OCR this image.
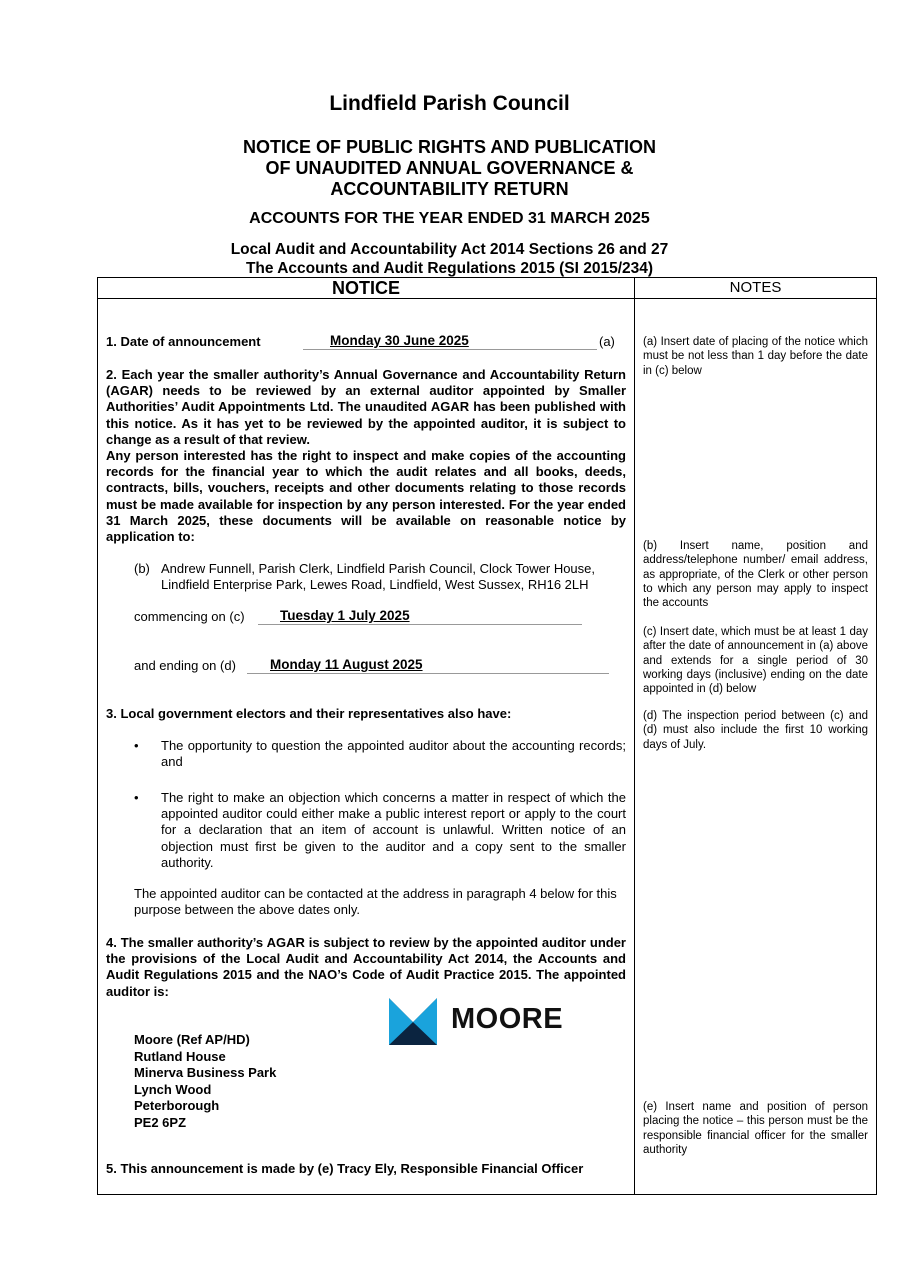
Lindfield Parish Council
NOTICE OF PUBLIC RIGHTS AND PUBLICATION
OF UNAUDITED ANNUAL GOVERNANCE &
ACCOUNTABILITY RETURN
ACCOUNTS FOR THE YEAR ENDED 31 MARCH 2025
Local Audit and Accountability Act 2014 Sections 26 and 27
The Accounts and Audit Regulations 2015 (SI 2015/234)
NOTICE	NOTES
1. Date of announcement	Monday 30 June 2025	(a)
2. Each year the smaller authority’s Annual Governance and Accountability Return (AGAR) needs to be reviewed by an external auditor appointed by Smaller Authorities’ Audit Appointments Ltd. The unaudited AGAR has been published with this notice. As it has yet to be reviewed by the appointed auditor, it is subject to change as a result of that review.
Any person interested has the right to inspect and make copies of the accounting records for the financial year to which the audit relates and all books, deeds, contracts, bills, vouchers, receipts and other documents relating to those records must be made available for inspection by any person interested. For the year ended 31 March 2025, these documents will be available on reasonable notice by application to:
(b) Andrew Funnell, Parish Clerk, Lindfield Parish Council, Clock Tower House,
Lindfield Enterprise Park, Lewes Road, Lindfield, West Sussex, RH16 2LH
commencing on (c)	Tuesday 1 July 2025
and ending on (d)	Monday 11 August 2025
3. Local government electors and their representatives also have:
• The opportunity to question the appointed auditor about the accounting records; and
• The right to make an objection which concerns a matter in respect of which the appointed auditor could either make a public interest report or apply to the court for a declaration that an item of account is unlawful. Written notice of an objection must first be given to the auditor and a copy sent to the smaller authority.
The appointed auditor can be contacted at the address in paragraph 4 below for this purpose between the above dates only.
4. The smaller authority’s AGAR is subject to review by the appointed auditor under the provisions of the Local Audit and Accountability Act 2014, the Accounts and Audit Regulations 2015 and the NAO’s Code of Audit Practice 2015. The appointed auditor is:
MOORE
Moore (Ref AP/HD)
Rutland House
Minerva Business Park
Lynch Wood
Peterborough
PE2 6PZ
5. This announcement is made by (e) Tracy Ely, Responsible Financial Officer
(a) Insert date of placing of the notice which must be not less than 1 day before the date in (c) below
(b) Insert name, position and address/telephone number/ email address, as appropriate, of the Clerk or other person to which any person may apply to inspect the accounts
(c) Insert date, which must be at least 1 day after the date of announcement in (a) above and extends for a single period of 30 working days (inclusive) ending on the date appointed in (d) below
(d) The inspection period between (c) and (d) must also include the first 10 working days of July.
(e) Insert name and position of person placing the notice – this person must be the responsible financial officer for the smaller authority
